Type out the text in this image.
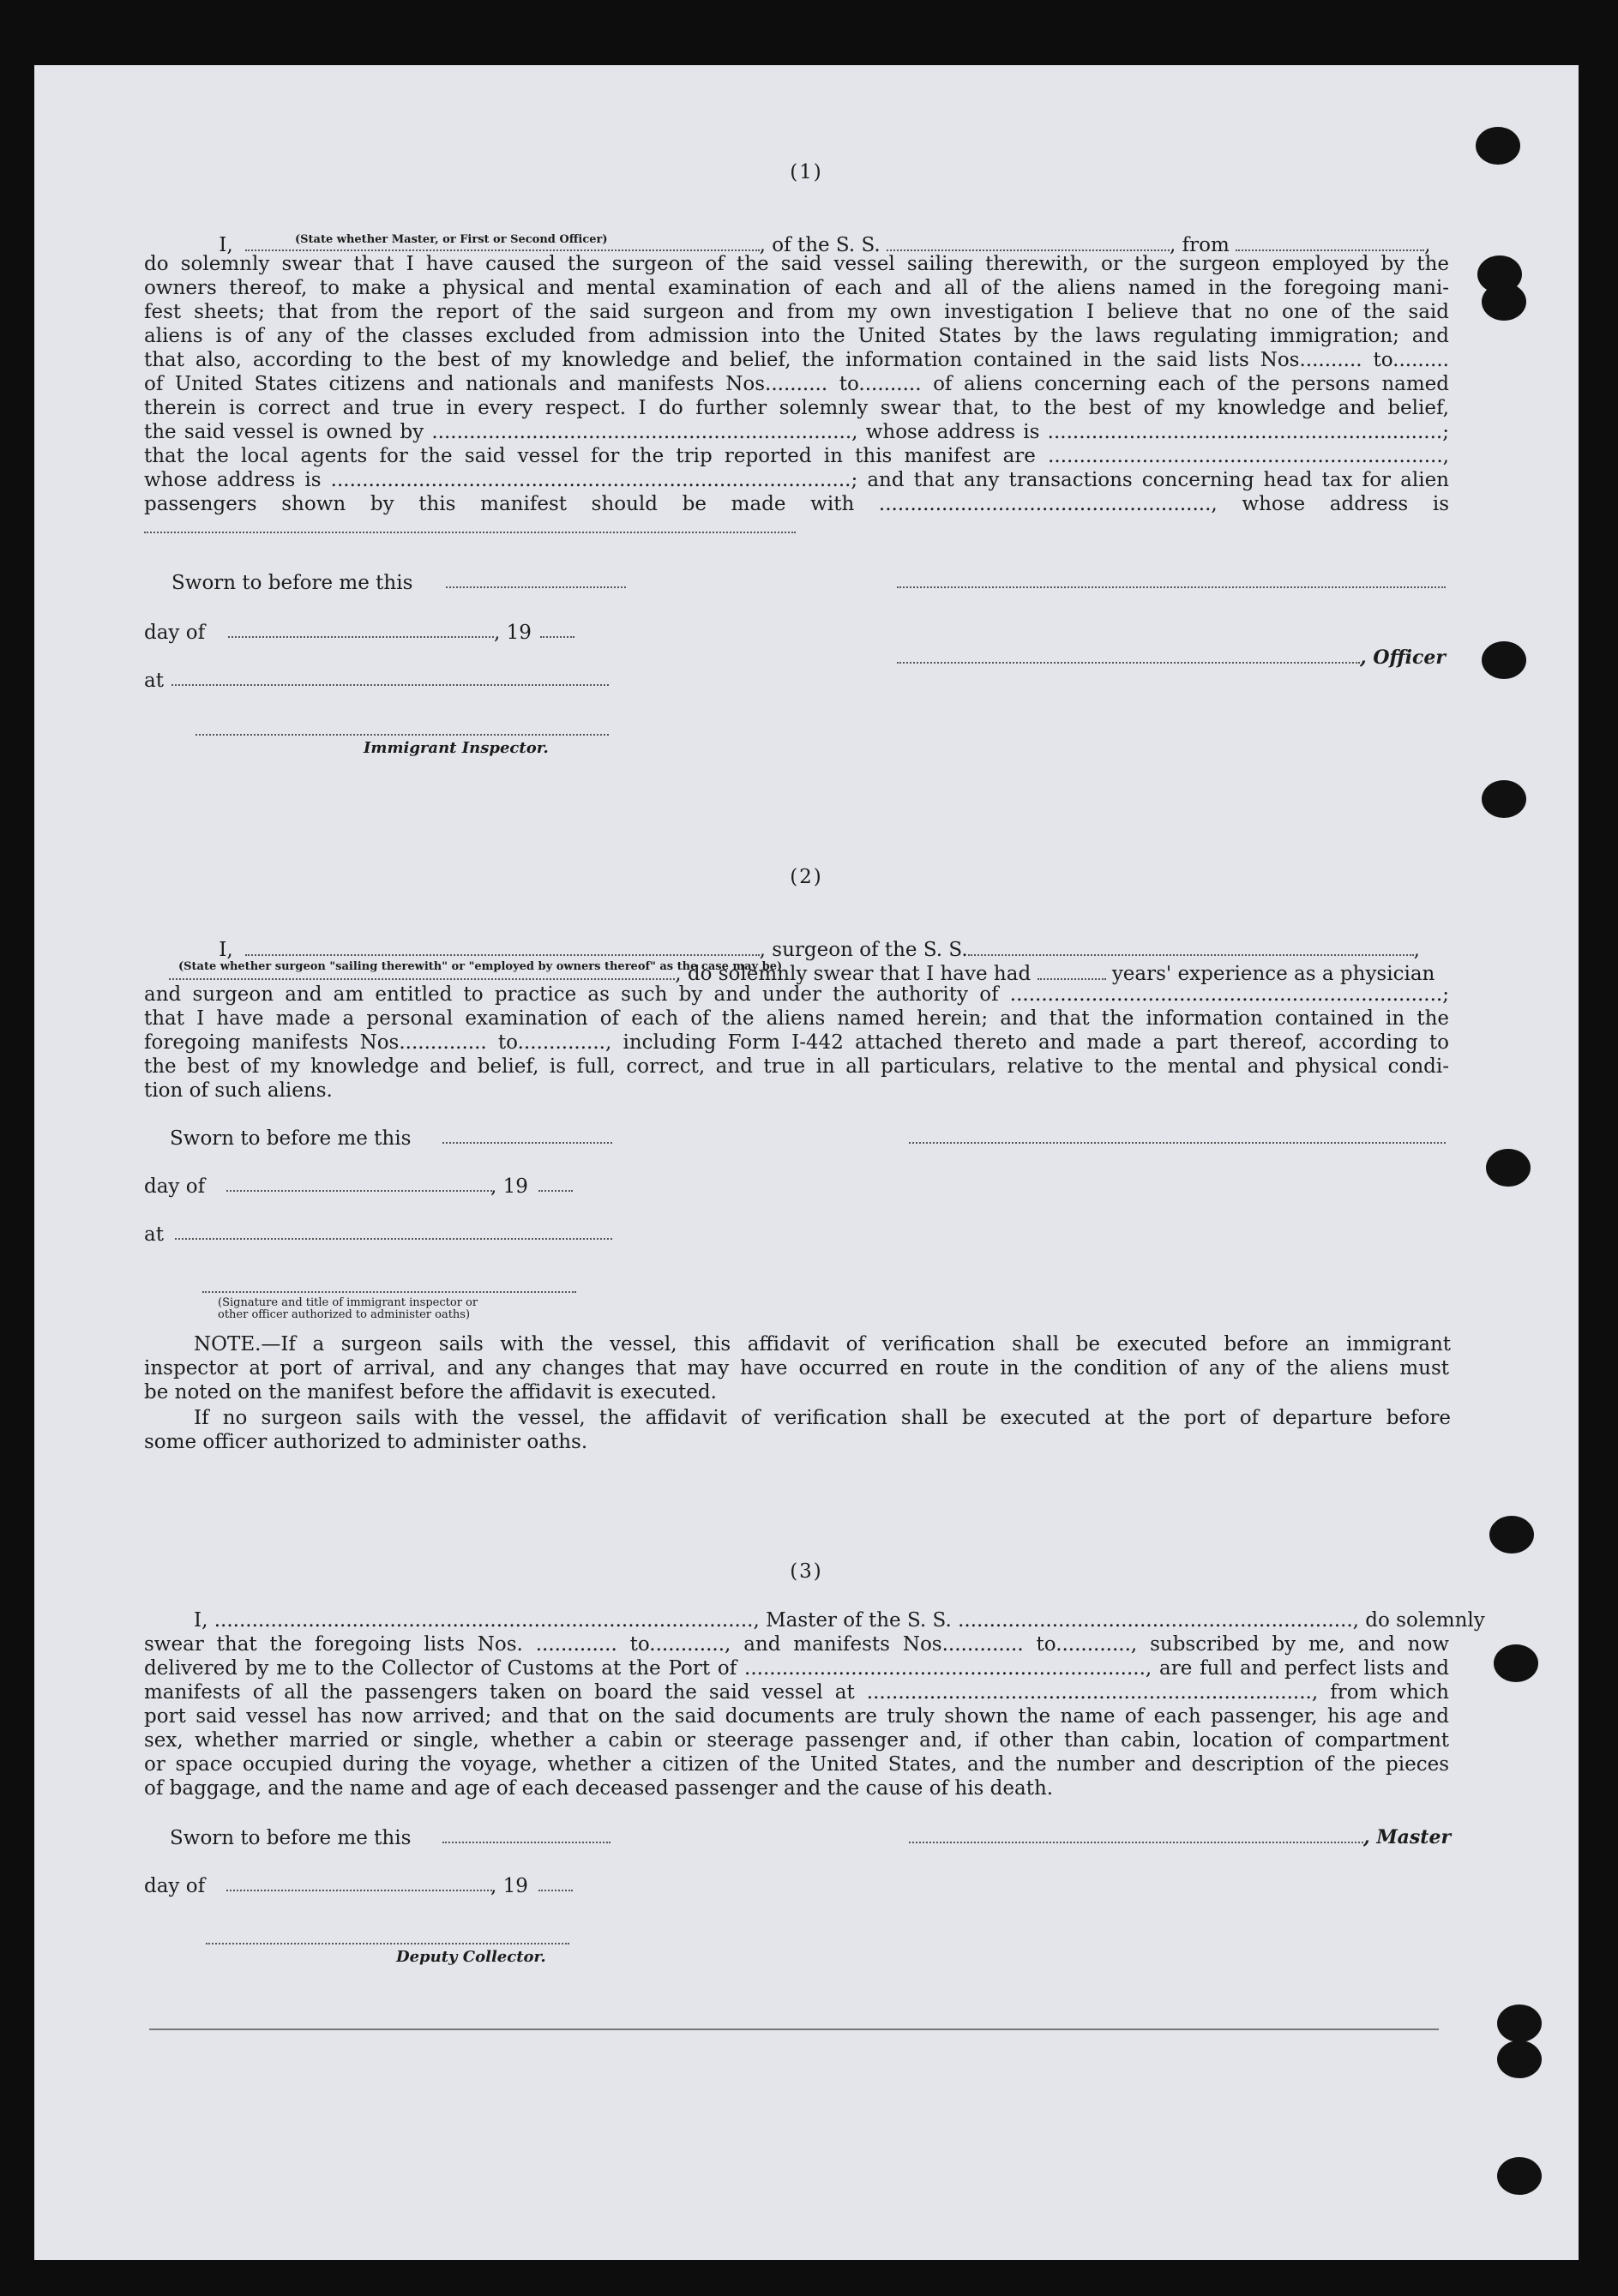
(1)

I,	, of the S. S.	, from	,

(State whether Master, or First or Second Officer)
do solemnly swear that I have caused the surgeon of the said vessel sailing therewith, or the surgeon employed by the
owners thereof, to make a physical and mental examination of each and all of the aliens named in the foregoing mani-
fest sheets; that from the report of the said surgeon and from my own investigation I believe that no one of the said
aliens is of any of the classes excluded from admission into the United States by the laws regulating immigration; and
that also, according to the best of my knowledge and belief, the information contained in the said lists Nos.......... to.........
of United States citizens and nationals and manifests Nos.......... to.......... of aliens concerning each of the persons named
therein is correct and true in every respect. I do further solemnly swear that, to the best of my knowledge and belief,
the said vessel is owned by ..................................................................., whose address is ...............................................................;
that the local agents for the said vessel for the trip reported in this manifest are ...............................................................,
whose address is ...................................................................................; and that any transactions concerning head tax for alien
passengers shown by this manifest should be made with ....................................................., whose address is
Sworn to before me this
day of	, 19
, Officer
at
Immigrant Inspector.
(2)

I,	, surgeon of the S. S.	,

, do solemnly swear that I have had	years' experience as a physician

(State whether surgeon "sailing therewith" or "employed by owners thereof" as the case may be)
and surgeon and am entitled to practice as such by and under the authority of .....................................................................;
that I have made a personal examination of each of the aliens named herein; and that the information contained in the
foregoing manifests Nos.............. to.............., including Form I-442 attached thereto and made a part thereof, according to
the best of my knowledge and belief, is full, correct, and true in all particulars, relative to the mental and physical condi-
tion of such aliens.
Sworn to before me this
day of	, 19
at
(Signature and title of immigrant inspector or
other officer authorized to administer oaths)
NOTE.—If a surgeon sails with the vessel, this affidavit of verification shall be executed before an immigrant
inspector at port of arrival, and any changes that may have occurred en route in the condition of any of the aliens must
be noted on the manifest before the affidavit is executed.
If no surgeon sails with the vessel, the affidavit of verification shall be executed at the port of departure before
some officer authorized to administer oaths.
(3)
I, ......................................................................................, Master of the S. S. ..............................................................., do solemnly
swear that the foregoing lists Nos. ............. to............, and manifests Nos............. to............, subscribed by me, and now
delivered by me to the Collector of Customs at the Port of ................................................................, are full and perfect lists and
manifests of all the passengers taken on board the said vessel at ......................................................................., from which
port said vessel has now arrived; and that on the said documents are truly shown the name of each passenger, his age and
sex, whether married or single, whether a cabin or steerage passenger and, if other than cabin, location of compartment
or space occupied during the voyage, whether a citizen of the United States, and the number and description of the pieces
of baggage, and the name and age of each deceased passenger and the cause of his death.
Sworn to before me this	, Master
day of	, 19
Deputy Collector.
